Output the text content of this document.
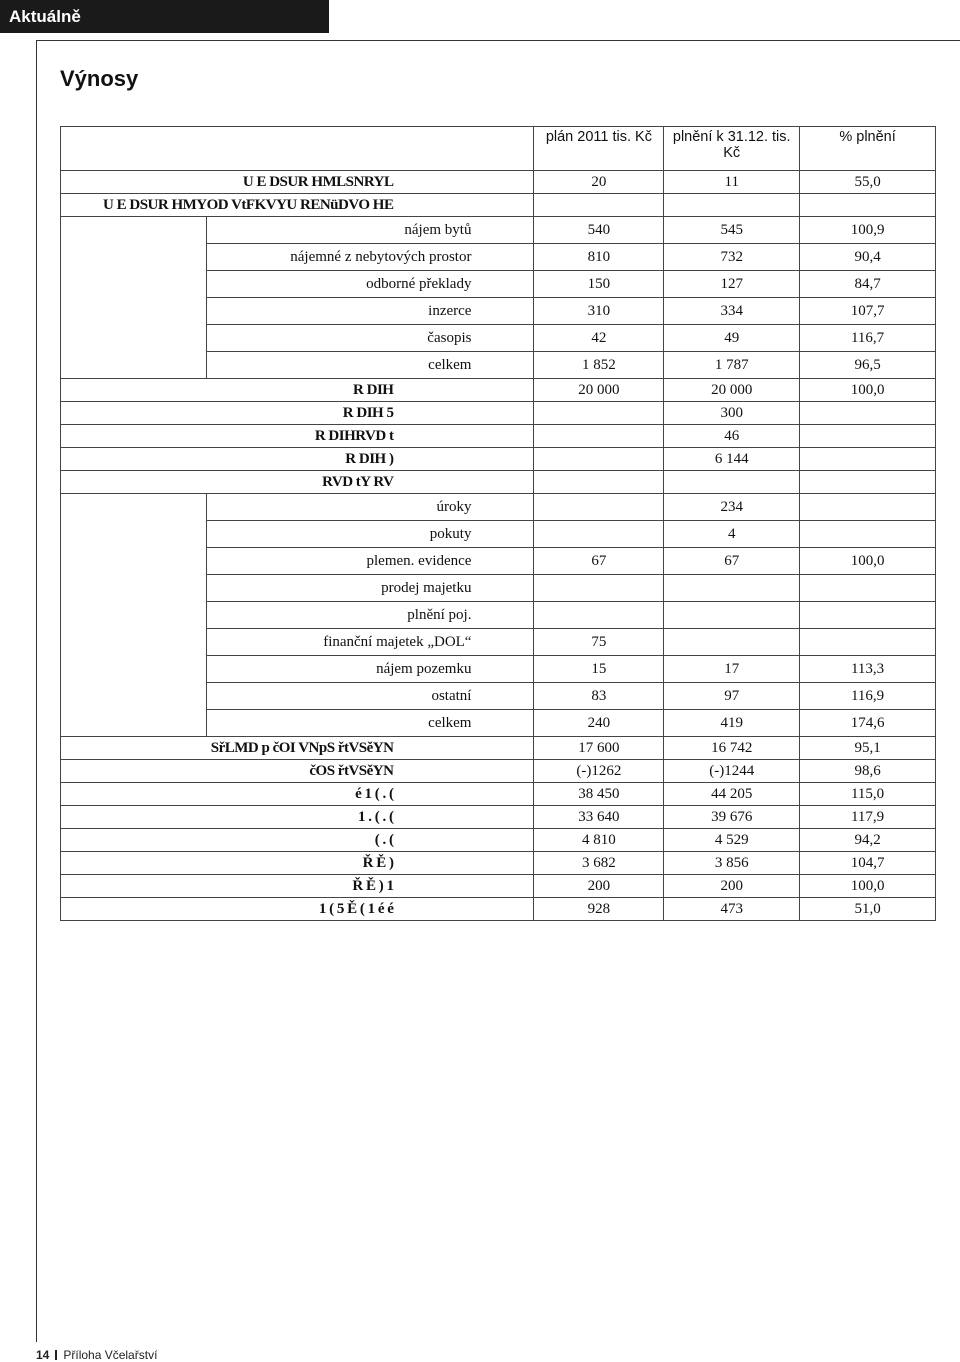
Aktuálně
Výnosy
		plán 2011 tis. Kč	plnění k 31.12. tis. Kč	% plnění
U E DSUR HMLSNRYL		20	11	55,0
U E DSUR HMYOD VtFKVYU RENüDVO HE				
	nájem bytů	540	545	100,9
	nájemné z nebytových prostor	810	732	90,4
	odborné překlady	150	127	84,7
	inzerce	310	334	107,7
	časopis	42	49	116,7
	celkem	1 852	1 787	96,5
R DIH		20 000	20 000	100,0
R DIH 5			300	
R DIHRVD t			46	
R DIH )			6 144	
RVD tY RV				
	úroky		234	
	pokuty		4	
	plemen. evidence	67	67	100,0
	prodej majetku			
	plnění poj.			
	finanční majetek „DOL“	75		
	nájem pozemku	15	17	113,3
	ostatní	83	97	116,9
	celkem	240	419	174,6
SřLMD p čOI VNpS řtVSěYN		17 600	16 742	95,1
čOS řtVSěYN		(-)1262	(-)1244	98,6
é 1 ( . (		38 450	44 205	115,0
1 . ( . (		33 640	39 676	117,9
( . (		4 810	4 529	94,2
Ř Ě )		3 682	3 856	104,7
Ř Ě ) 1		200	200	100,0
1 ( 5 Ě ( 1 é é		928	473	51,0
14 Příloha Včelařství
